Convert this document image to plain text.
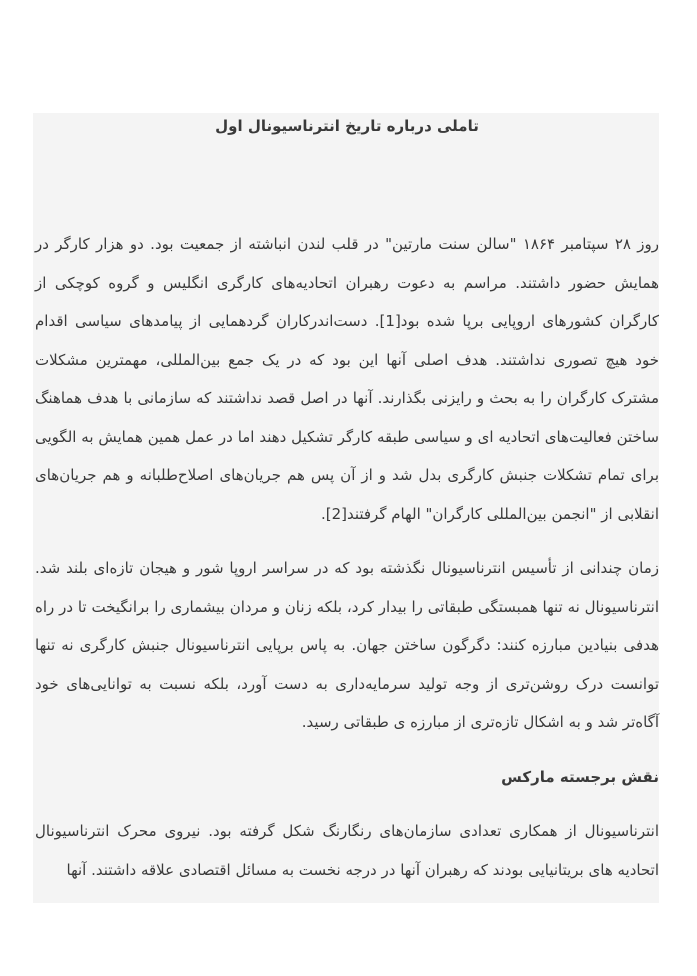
تاملی درباره تاریخ انترناسیونال اول

روز ۲۸ سپتامبر ۱۸۶۴ "سالن سنت مارتین" در قلب لندن انباشته از جمعیت بود. دو هزار کارگر در همایش حضور داشتند. مراسم به دعوت رهبران اتحادیه‌های کارگری انگلیس و گروه کوچکی از کارگران کشورهای اروپایی برپا شده بود[1]. دست‌اندرکاران گردهمایی از پیامدهای سیاسی اقدام خود هیچ تصوری نداشتند. هدف اصلی آنها این بود که در یک جمع بین‌المللی، مهمترین مشکلات مشترک کارگران را به بحث و رایزنی بگذارند. آنها در اصل قصد نداشتند که سازمانی با هدف هماهنگ ساختن فعالیت‌های اتحادیه ای و سیاسی طبقه کارگر تشکیل دهند اما در عمل همین همایش به الگویی برای تمام تشکلات جنبش کارگری بدل شد و از آن پس هم جریان‌های اصلاح‌طلبانه و هم جریان‌های انقلابی از "انجمن بین‌المللی کارگران" الهام گرفتند[2].

زمان چندانی از تأسیس انترناسیونال نگذشته بود که در سراسر اروپا شور و هیجان تازه‌ای بلند شد. انترناسیونال نه تنها همبستگی طبقاتی را بیدار کرد، بلکه زنان و مردان بیشماری را برانگیخت تا در راه هدفی بنیادین مبارزه کنند: دگرگون ساختن جهان. به پاس برپایی انترناسیونال جنبش کارگری نه تنها توانست درک روشن‌تری از وجه تولید سرمایه‌داری به دست آورد، بلکه نسبت به توانایی‌های خود آگاه‌تر شد و به اشکال تازه‌تری از مبارزه ی طبقاتی رسید.

نقش برجسته مارکس

انترناسیونال از همکاری تعدادی سازمان‌های رنگارنگ شکل گرفته بود. نیروی محرک انترناسیونال اتحادیه های بریتانیایی بودند که رهبران آنها در درجه نخست به مسائل اقتصادی علاقه داشتند. آنها
